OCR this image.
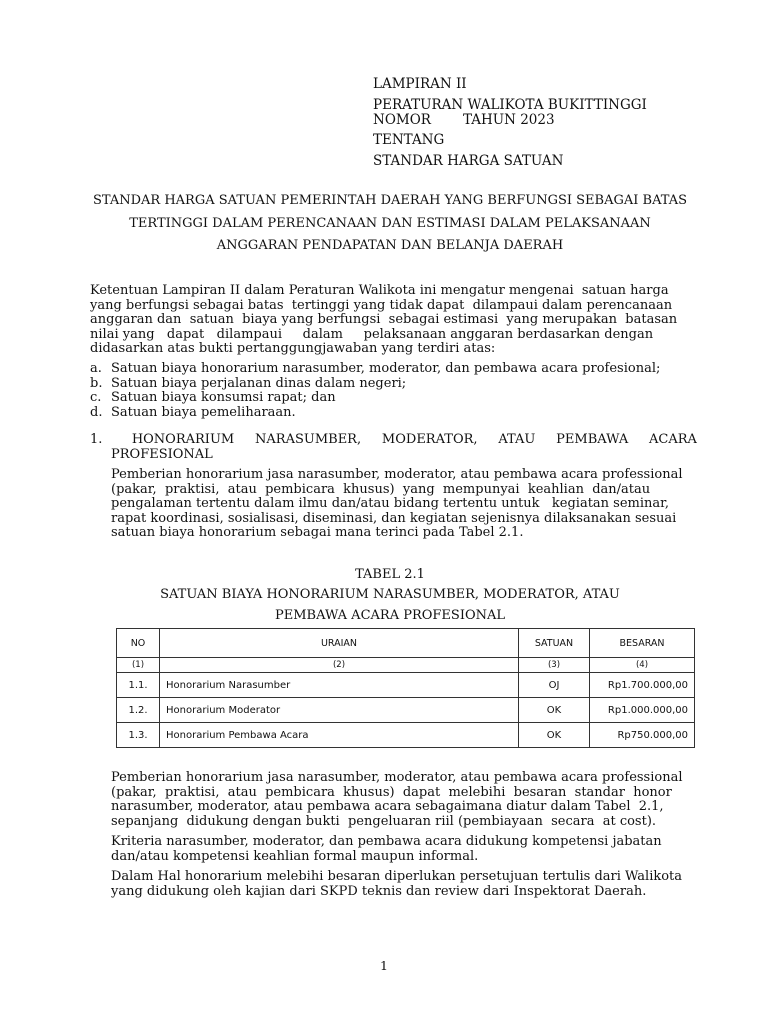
LAMPIRAN II
PERATURAN WALIKOTA BUKITTINGGI
NOMOR TAHUN 2023
TENTANG
STANDAR HARGA SATUAN
STANDAR HARGA SATUAN PEMERINTAH DAERAH YANG BERFUNGSI SEBAGAI BATAS
TERTINGGI DALAM PERENCANAAN DAN ESTIMASI DALAM PELAKSANAAN
ANGGARAN PENDAPATAN DAN BELANJA DAERAH
Ketentuan Lampiran II dalam Peraturan Walikota ini mengatur mengenai  satuan harga
yang berfungsi sebagai batas  tertinggi yang tidak dapat  dilampaui dalam perencanaan
anggaran dan  satuan  biaya yang berfungsi  sebagai estimasi  yang merupakan  batasan
nilai yang   dapat   dilampaui     dalam     pelaksanaan anggaran berdasarkan dengan
didasarkan atas bukti pertanggungjawaban yang terdiri atas:
a. Satuan biaya honorarium narasumber, moderator, dan pembawa acara profesional;
b. Satuan biaya perjalanan dinas dalam negeri;
c. Satuan biaya konsumsi rapat; dan
d. Satuan biaya pemeliharaan.
1.	HONORARIUM NARASUMBER, MODERATOR, ATAU PEMBAWA ACARA
PROFESIONAL
Pemberian honorarium jasa narasumber, moderator, atau pembawa acara professional
(pakar,  praktisi,  atau  pembicara  khusus)  yang  mempunyai  keahlian  dan/atau
pengalaman tertentu dalam ilmu dan/atau bidang tertentu untuk   kegiatan seminar,
rapat koordinasi, sosialisasi, diseminasi, dan kegiatan sejenisnya dilaksanakan sesuai
satuan biaya honorarium sebagai mana terinci pada Tabel 2.1.
TABEL 2.1
SATUAN BIAYA HONORARIUM NARASUMBER, MODERATOR, ATAU
PEMBAWA ACARA PROFESIONAL
NO	URAIAN	SATUAN	BESARAN
(1)	(2)	(3)	(4)
1.1.	Honorarium Narasumber	OJ	Rp1.700.000,00
1.2.	Honorarium Moderator	OK	Rp1.000.000,00
1.3.	Honorarium Pembawa Acara	OK	Rp750.000,00
Pemberian honorarium jasa narasumber, moderator, atau pembawa acara professional
(pakar,  praktisi,  atau  pembicara  khusus)  dapat  melebihi  besaran  standar  honor
narasumber, moderator, atau pembawa acara sebagaimana diatur dalam Tabel  2.1,
sepanjang  didukung dengan bukti  pengeluaran riil (pembiayaan  secara  at cost).
Kriteria narasumber, moderator, dan pembawa acara didukung kompetensi jabatan
dan/atau kompetensi keahlian formal maupun informal.
Dalam Hal honorarium melebihi besaran diperlukan persetujuan tertulis dari Walikota
yang didukung oleh kajian dari SKPD teknis dan review dari Inspektorat Daerah.
1
